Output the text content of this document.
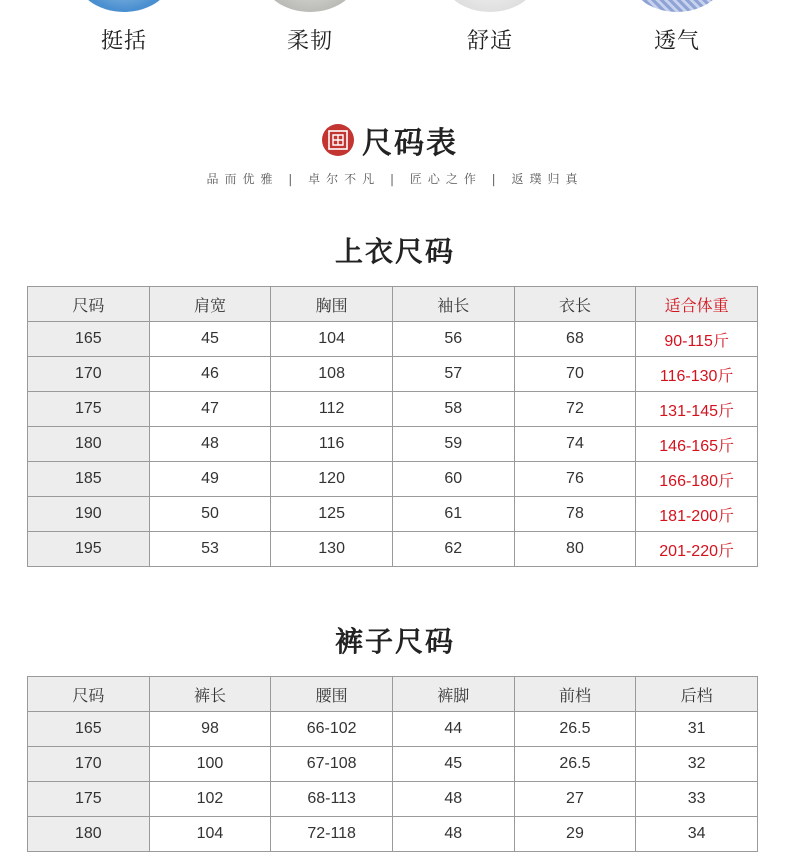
挺括	柔韧	舒适	透气
尺码表
品而优雅 | 卓尔不凡 | 匠心之作 | 返璞归真
上衣尺码
尺码	肩宽	胸围	袖长	衣长	适合体重
165	45	104	56	68	90-115斤
170	46	108	57	70	116-130斤
175	47	112	58	72	131-145斤
180	48	116	59	74	146-165斤
185	49	120	60	76	166-180斤
190	50	125	61	78	181-200斤
195	53	130	62	80	201-220斤
裤子尺码
尺码	裤长	腰围	裤脚	前档	后档
165	98	66-102	44	26.5	31
170	100	67-108	45	26.5	32
175	102	68-113	48	27	33
180	104	72-118	48	29	34
